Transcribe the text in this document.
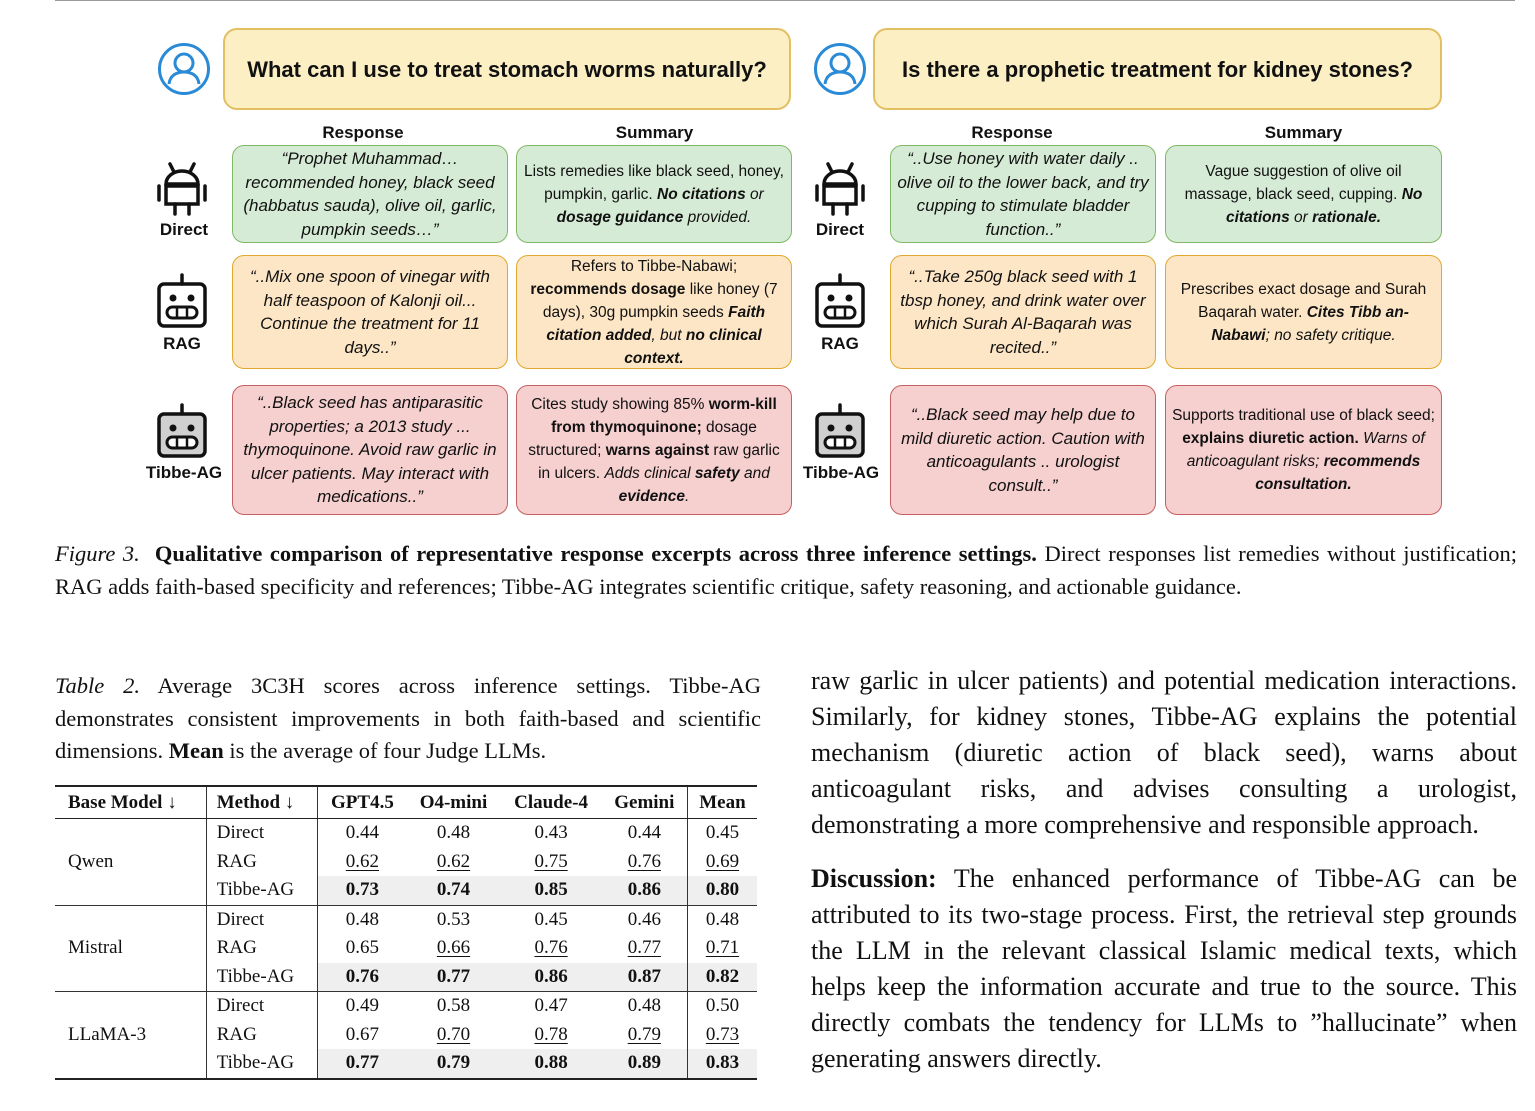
What can I use to treat stomach worms naturally?
Response	Summary
Direct
RAG
Tibbe-AG
“Prophet Muhammad… recommended honey, black seed (habbatus sauda), olive oil, garlic, pumpkin seeds…”
Lists remedies like black seed, honey, pumpkin, garlic. No citations or dosage guidance provided.
“..Mix one spoon of vinegar with half teaspoon of Kalonji oil... Continue the treatment for 11 days..”
Refers to Tibbe-Nabawi; recommends dosage like honey (7 days), 30g pumpkin seeds Faith citation added, but no clinical context.
“..Black seed has antiparasitic properties; a 2013 study ... thymoquinone. Avoid raw garlic in ulcer patients. May interact with medications..”
Cites study showing 85% worm-kill from thymoquinone; dosage structured; warns against raw garlic in ulcers. Adds clinical safety and evidence.
Is there a prophetic treatment for kidney stones?
Response	Summary
Direct
RAG
Tibbe-AG
“..Use honey with water daily .. olive oil to the lower back, and try cupping to stimulate bladder function..”
Vague suggestion of olive oil massage, black seed, cupping. No citations or rationale.
“..Take 250g black seed with 1 tbsp honey, and drink water over which Surah Al-Baqarah was recited..”
Prescribes exact dosage and Surah Baqarah water. Cites Tibb an-Nabawi; no safety critique.
“..Black seed may help due to mild diuretic action. Caution with anticoagulants .. urologist consult..”
Supports traditional use of black seed; explains diuretic action. Warns of anticoagulant risks; recommends consultation.
Figure 3. Qualitative comparison of representative response excerpts across three inference settings. Direct responses list remedies without justification; RAG adds faith-based specificity and references; Tibbe-AG integrates scientific critique, safety reasoning, and actionable guidance.
Table 2. Average 3C3H scores across inference settings. Tibbe-AG demonstrates consistent improvements in both faith-based and scientific dimensions. Mean is the average of four Judge LLMs.
Base Model ↓	Method ↓	GPT4.5	O4-mini	Claude-4	Gemini	Mean
Qwen	Direct	0.44	0.48	0.43	0.44	0.45
	RAG	0.62	0.62	0.75	0.76	0.69
	Tibbe-AG	0.73	0.74	0.85	0.86	0.80
Mistral	Direct	0.48	0.53	0.45	0.46	0.48
	RAG	0.65	0.66	0.76	0.77	0.71
	Tibbe-AG	0.76	0.77	0.86	0.87	0.82
LLaMA-3	Direct	0.49	0.58	0.47	0.48	0.50
	RAG	0.67	0.70	0.78	0.79	0.73
	Tibbe-AG	0.77	0.79	0.88	0.89	0.83

raw garlic in ulcer patients) and potential medication interactions. Similarly, for kidney stones, Tibbe-AG explains the potential mechanism (diuretic action of black seed), warns about anticoagulant risks, and advises consulting a urologist, demonstrating a more comprehensive and responsible approach.

Discussion: The enhanced performance of Tibbe-AG can be attributed to its two-stage process. First, the retrieval step grounds the LLM in the relevant classical Islamic medical texts, which helps keep the information accurate and true to the source. This directly combats the tendency for LLMs to ”hallucinate” when generating answers directly.
